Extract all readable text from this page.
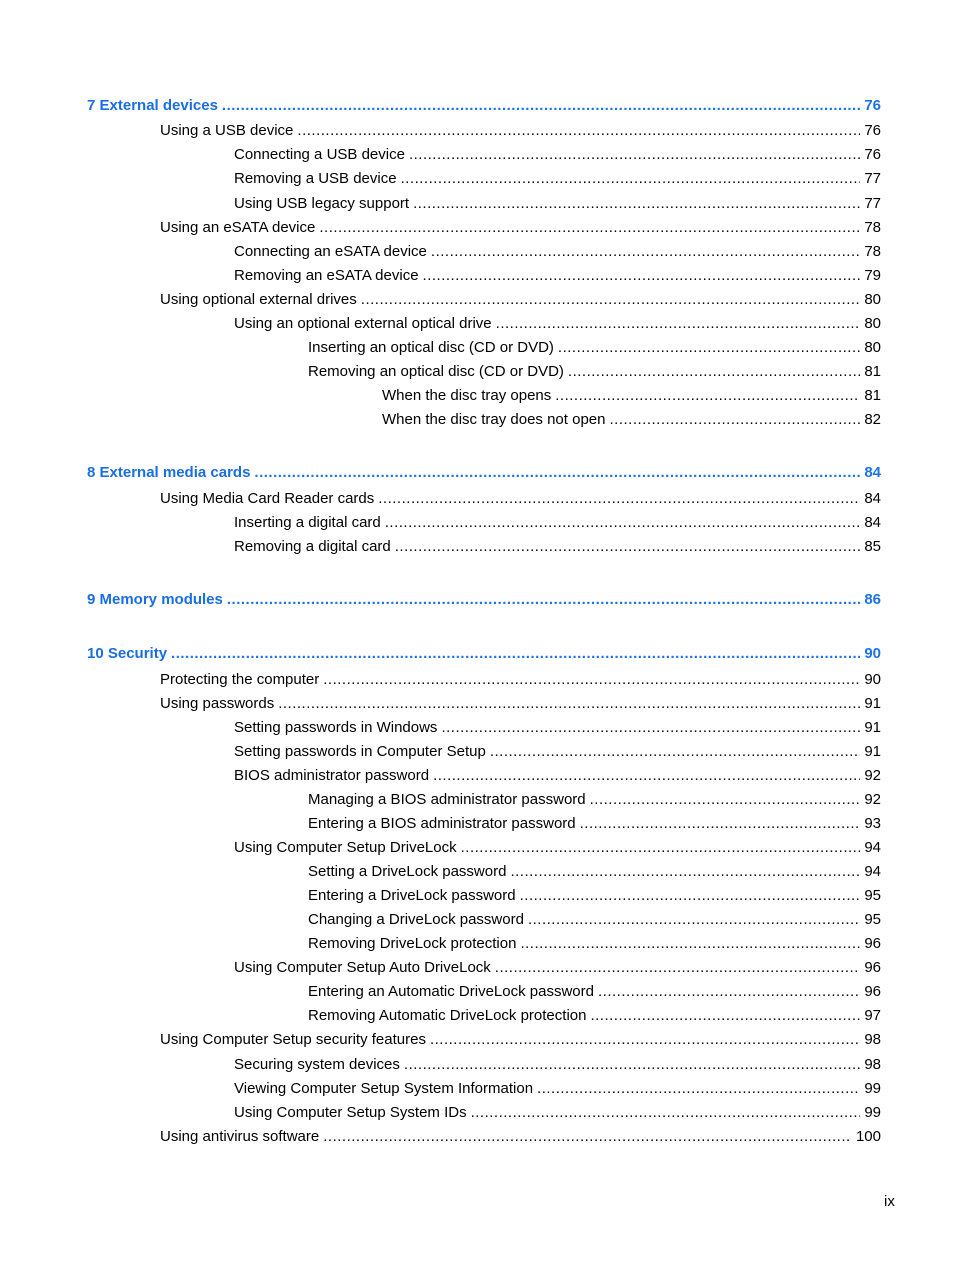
7 External devices .....	76
Using a USB device .....	76
Connecting a USB device .....	76
Removing a USB device .....	77
Using USB legacy support .....	77
Using an eSATA device .....	78
Connecting an eSATA device .....	78
Removing an eSATA device .....	79
Using optional external drives .....	80
Using an optional external optical drive .....	80
Inserting an optical disc (CD or DVD) .....	80
Removing an optical disc (CD or DVD) .....	81
When the disc tray opens .....	81
When the disc tray does not open .....	82
8 External media cards .....	84
Using Media Card Reader cards .....	84
Inserting a digital card .....	84
Removing a digital card .....	85
9 Memory modules .....	86
10 Security .....	90
Protecting the computer .....	90
Using passwords .....	91
Setting passwords in Windows .....	91
Setting passwords in Computer Setup .....	91
BIOS administrator password .....	92
Managing a BIOS administrator password .....	92
Entering a BIOS administrator password .....	93
Using Computer Setup DriveLock .....	94
Setting a DriveLock password .....	94
Entering a DriveLock password .....	95
Changing a DriveLock password .....	95
Removing DriveLock protection .....	96
Using Computer Setup Auto DriveLock .....	96
Entering an Automatic DriveLock password .....	96
Removing Automatic DriveLock protection .....	97
Using Computer Setup security features .....	98
Securing system devices .....	98
Viewing Computer Setup System Information .....	99
Using Computer Setup System IDs .....	99
Using antivirus software .....	100
ix
